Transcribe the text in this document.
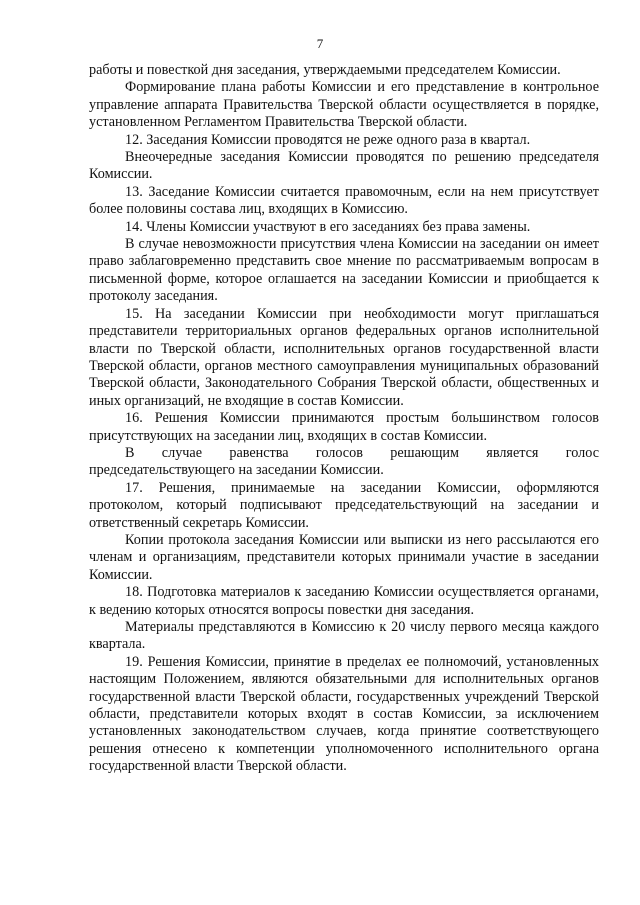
7

работы и повесткой дня заседания, утверждаемыми председателем Комиссии.

Формирование плана работы Комиссии и его представление в контрольное управление аппарата Правительства Тверской области осуществляется в порядке, установленном Регламентом Правительства Тверской области.

12. Заседания Комиссии проводятся не реже одного раза в квартал.

Внеочередные заседания Комиссии проводятся по решению председателя Комиссии.

13. Заседание Комиссии считается правомочным, если на нем присутствует более половины состава лиц, входящих в Комиссию.

14. Члены Комиссии участвуют в его заседаниях без права замены.

В случае невозможности присутствия члена Комиссии на заседании он имеет право заблаговременно представить свое мнение по рассматриваемым вопросам в письменной форме, которое оглашается на заседании Комиссии и приобщается к протоколу заседания.

15. На заседании Комиссии при необходимости могут приглашаться представители территориальных органов федеральных органов исполнительной власти по Тверской области, исполнительных органов государственной власти Тверской области, органов местного самоуправления муниципальных образований Тверской области, Законодательного Собрания Тверской области, общественных и иных организаций, не входящие в состав Комиссии.

16. Решения Комиссии принимаются простым большинством голосов присутствующих на заседании лиц, входящих в состав Комиссии.

В случае равенства голосов решающим является голос председательствующего на заседании Комиссии.

17. Решения, принимаемые на заседании Комиссии, оформляются протоколом, который подписывают председательствующий на заседании и ответственный секретарь Комиссии.

Копии протокола заседания Комиссии или выписки из него рассылаются его членам и организациям, представители которых принимали участие в заседании Комиссии.

18. Подготовка материалов к заседанию Комиссии осуществляется органами, к ведению которых относятся вопросы повестки дня заседания.

Материалы представляются в Комиссию к 20 числу первого месяца каждого квартала.

19. Решения Комиссии, принятие в пределах ее полномочий, установленных настоящим Положением, являются обязательными для исполнительных органов государственной власти Тверской области, государственных учреждений Тверской области, представители которых входят в состав Комиссии, за исключением установленных законодательством случаев, когда принятие соответствующего решения отнесено к компетенции уполномоченного исполнительного органа государственной власти Тверской области.
